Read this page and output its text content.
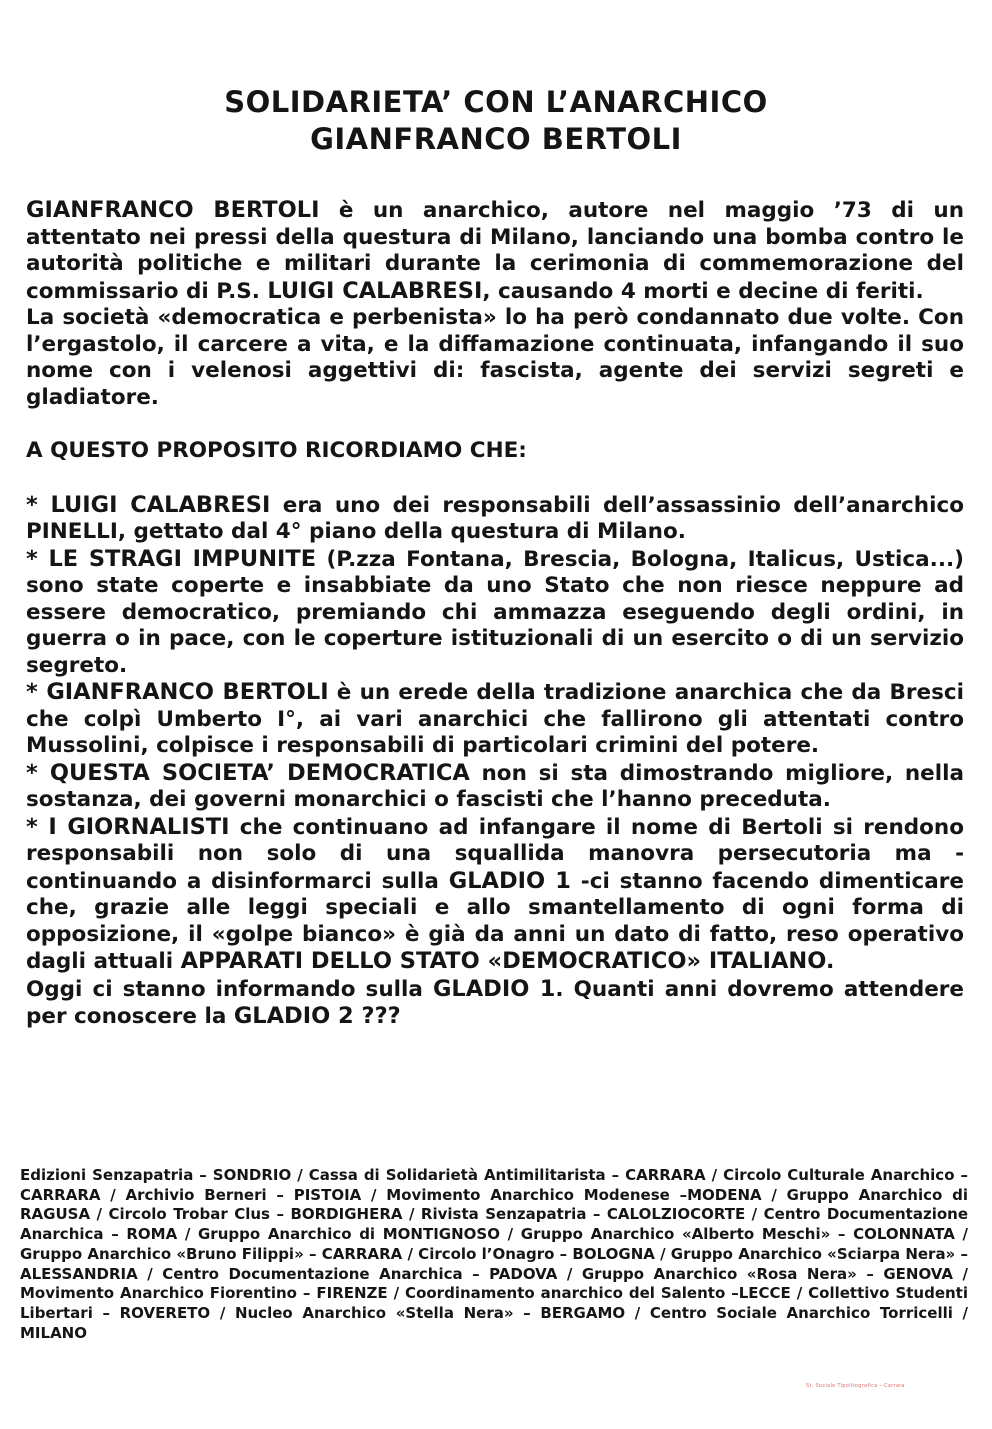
SOLIDARIETA’ CON L’ANARCHICO
GIANFRANCO BERTOLI

GIANFRANCO BERTOLI è un anarchico, autore nel maggio ’73 di un attentato nei pressi della questura di Milano, lanciando una bomba contro le autorità politiche e militari durante la cerimonia di commemorazione del commissario di P.S. LUIGI CALABRESI, causando 4 morti e decine di feriti.

La società «democratica e perbenista» lo ha però condannato due volte. Con l’ergastolo, il carcere a vita, e la diffamazione continuata, infangando il suo nome con i velenosi aggettivi di: fascista, agente dei servizi segreti e gladiatore.

A QUESTO PROPOSITO RICORDIAMO CHE:

* LUIGI CALABRESI era uno dei responsabili dell’assassinio dell’anarchico PINELLI, gettato dal 4° piano della questura di Milano.

* LE STRAGI IMPUNITE (P.zza Fontana, Brescia, Bologna, Italicus, Ustica...) sono state coperte e insabbiate da uno Stato che non riesce neppure ad essere democratico, premiando chi ammazza eseguendo degli ordini, in guerra o in pace, con le coperture istituzionali di un esercito o di un servizio segreto.

* GIANFRANCO BERTOLI è un erede della tradizione anarchica che da Bresci che colpì Umberto I°, ai vari anarchici che fallirono gli attentati contro Mussolini, colpisce i responsabili di particolari crimini del potere.

* QUESTA SOCIETA’ DEMOCRATICA non si sta dimostrando migliore, nella sostanza, dei governi monarchici o fascisti che l’hanno preceduta.

* I GIORNALISTI che continuano ad infangare il nome di Bertoli si rendono responsabili non solo di una squallida manovra persecutoria ma -continuando a disinformarci sulla GLADIO 1 -ci stanno facendo dimenticare che, grazie alle leggi speciali e allo smantellamento di ogni forma di opposizione, il «golpe bianco» è già da anni un dato di fatto, reso operativo dagli attuali APPARATI DELLO STATO «DEMOCRATICO» ITALIANO.

Oggi ci stanno informando sulla GLADIO 1. Quanti anni dovremo attendere per conoscere la GLADIO 2 ???

Edizioni Senzapatria – SONDRIO / Cassa di Solidarietà Antimilitarista – CARRARA / Circolo Culturale Anarchico – CARRARA / Archivio Berneri – PISTOIA / Movimento Anarchico Modenese –MODENA / Gruppo Anarchico di RAGUSA / Circolo Trobar Clus – BORDIGHERA / Rivista Senzapatria – CALOLZIOCORTE / Centro Documentazione Anarchica – ROMA / Gruppo Anarchico di MONTIGNOSO / Gruppo Anarchico «Alberto Meschi» – COLONNATA / Gruppo Anarchico «Bruno Filippi» – CARRARA / Circolo l’Onagro – BOLOGNA / Gruppo Anarchico «Sciarpa Nera» – ALESSANDRIA / Centro Documentazione Anarchica – PADOVA / Gruppo Anarchico «Rosa Nera» – GENOVA / Movimento Anarchico Fiorentino – FIRENZE / Coordinamento anarchico del Salento –LECCE / Collettivo Studenti Libertari – ROVERETO / Nucleo Anarchico «Stella Nera» – BERGAMO / Centro Sociale Anarchico Torricelli / MILANO
St. Sociale Tipolitografica – Carrara
